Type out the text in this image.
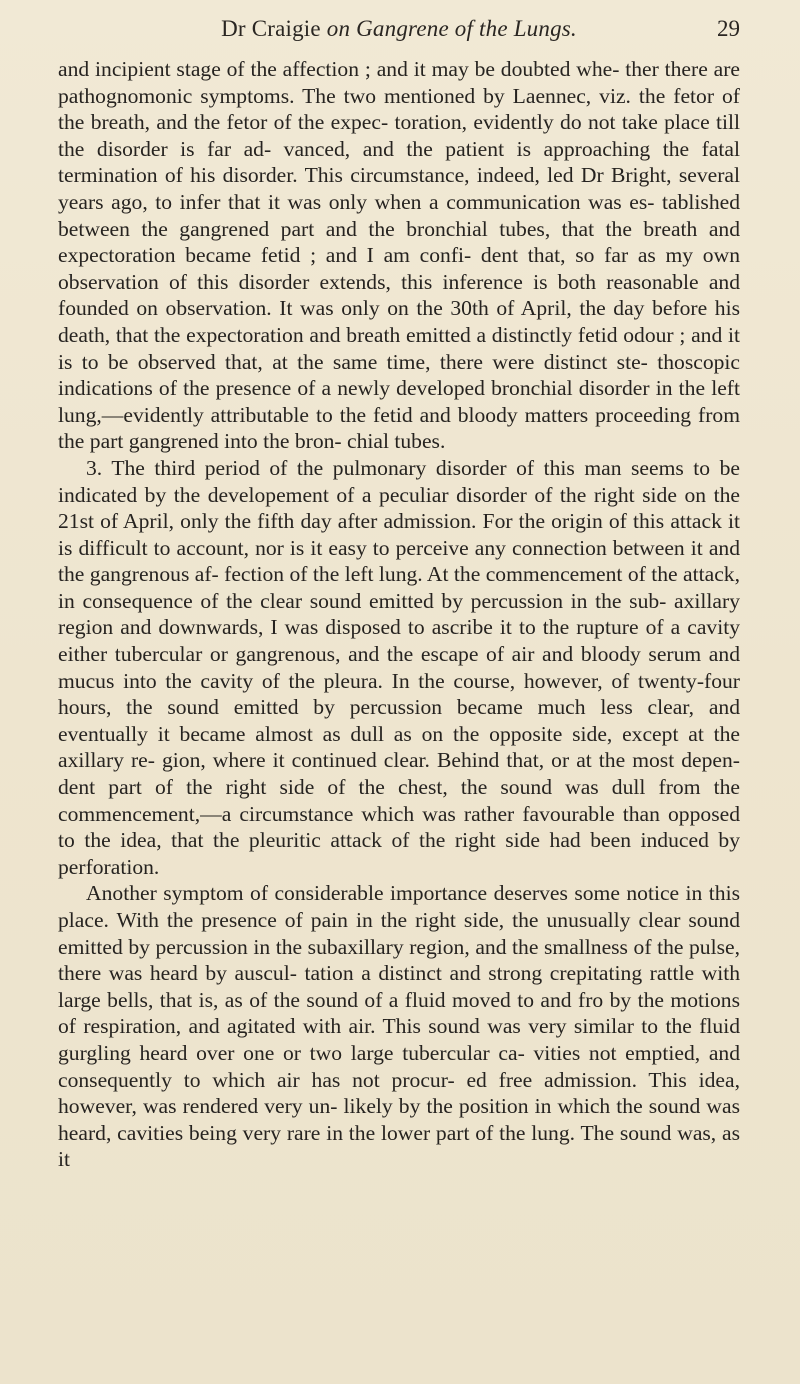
Dr Craigie on Gangrene of the Lungs.	29

and incipient stage of the affection ; and it may be doubted whe- ther there are pathognomonic symptoms. The two mentioned by Laennec, viz. the fetor of the breath, and the fetor of the expec- toration, evidently do not take place till the disorder is far ad- vanced, and the patient is approaching the fatal termination of his disorder. This circumstance, indeed, led Dr Bright, several years ago, to infer that it was only when a communication was es- tablished between the gangrened part and the bronchial tubes, that the breath and expectoration became fetid ; and I am confi- dent that, so far as my own observation of this disorder extends, this inference is both reasonable and founded on observation. It was only on the 30th of April, the day before his death, that the expectoration and breath emitted a distinctly fetid odour ; and it is to be observed that, at the same time, there were distinct ste- thoscopic indications of the presence of a newly developed bronchial disorder in the left lung,—evidently attributable to the fetid and bloody matters proceeding from the part gangrened into the bron- chial tubes.

3. The third period of the pulmonary disorder of this man seems to be indicated by the developement of a peculiar disorder of the right side on the 21st of April, only the fifth day after admission. For the origin of this attack it is difficult to account, nor is it easy to perceive any connection between it and the gangrenous af- fection of the left lung. At the commencement of the attack, in consequence of the clear sound emitted by percussion in the sub- axillary region and downwards, I was disposed to ascribe it to the rupture of a cavity either tubercular or gangrenous, and the escape of air and bloody serum and mucus into the cavity of the pleura. In the course, however, of twenty-four hours, the sound emitted by percussion became much less clear, and eventually it became almost as dull as on the opposite side, except at the axillary re- gion, where it continued clear. Behind that, or at the most depen- dent part of the right side of the chest, the sound was dull from the commencement,—a circumstance which was rather favourable than opposed to the idea, that the pleuritic attack of the right side had been induced by perforation.

Another symptom of considerable importance deserves some notice in this place. With the presence of pain in the right side, the unusually clear sound emitted by percussion in the subaxillary region, and the smallness of the pulse, there was heard by auscul- tation a distinct and strong crepitating rattle with large bells, that is, as of the sound of a fluid moved to and fro by the motions of respiration, and agitated with air. This sound was very similar to the fluid gurgling heard over one or two large tubercular ca- vities not emptied, and consequently to which air has not procur- ed free admission. This idea, however, was rendered very un- likely by the position in which the sound was heard, cavities being very rare in the lower part of the lung. The sound was, as it
